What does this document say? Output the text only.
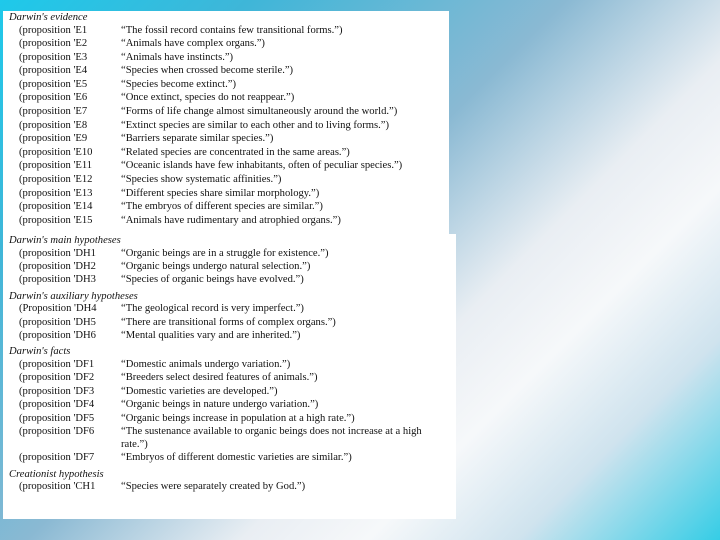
Darwin's evidence

(proposition 'E1	“The fossil record contains few transitional forms.”)
(proposition 'E2	“Animals have complex organs.”)
(proposition 'E3	“Animals have instincts.”)
(proposition 'E4	“Species when crossed become sterile.”)
(proposition 'E5	“Species become extinct.”)
(proposition 'E6	“Once extinct, species do not reappear.”)
(proposition 'E7	“Forms of life change almost simultaneously around the world.”)
(proposition 'E8	“Extinct species are similar to each other and to living forms.”)
(proposition 'E9	“Barriers separate similar species.”)
(proposition 'E10	“Related species are concentrated in the same areas.”)
(proposition 'E11	“Oceanic islands have few inhabitants, often of peculiar species.”)
(proposition 'E12	“Species show systematic affinities.”)
(proposition 'E13	“Different species share similar morphology.”)
(proposition 'E14	“The embryos of different species are similar.”)
(proposition 'E15	“Animals have rudimentary and atrophied organs.”)

Darwin's main hypotheses

(proposition 'DH1	“Organic beings are in a struggle for existence.”)
(proposition 'DH2	“Organic beings undergo natural selection.”)
(proposition 'DH3	“Species of organic beings have evolved.”)

Darwin's auxiliary hypotheses

(Proposition 'DH4	“The geological record is very imperfect.”)
(proposition 'DH5	“There are transitional forms of complex organs.”)
(proposition 'DH6	“Mental qualities vary and are inherited.”)

Darwin's facts

(proposition 'DF1	“Domestic animals undergo variation.”)
(proposition 'DF2	“Breeders select desired features of animals.”)
(proposition 'DF3	“Domestic varieties are developed.”)
(proposition 'DF4	“Organic beings in nature undergo variation.”)
(proposition 'DF5	“Organic beings increase in population at a high rate.”)
(proposition 'DF6	“The sustenance available to organic beings does not increase at a high rate.”)
(proposition 'DF7	“Embryos of different domestic varieties are similar.”)

Creationist hypothesis

(proposition 'CH1	“Species were separately created by God.”)
